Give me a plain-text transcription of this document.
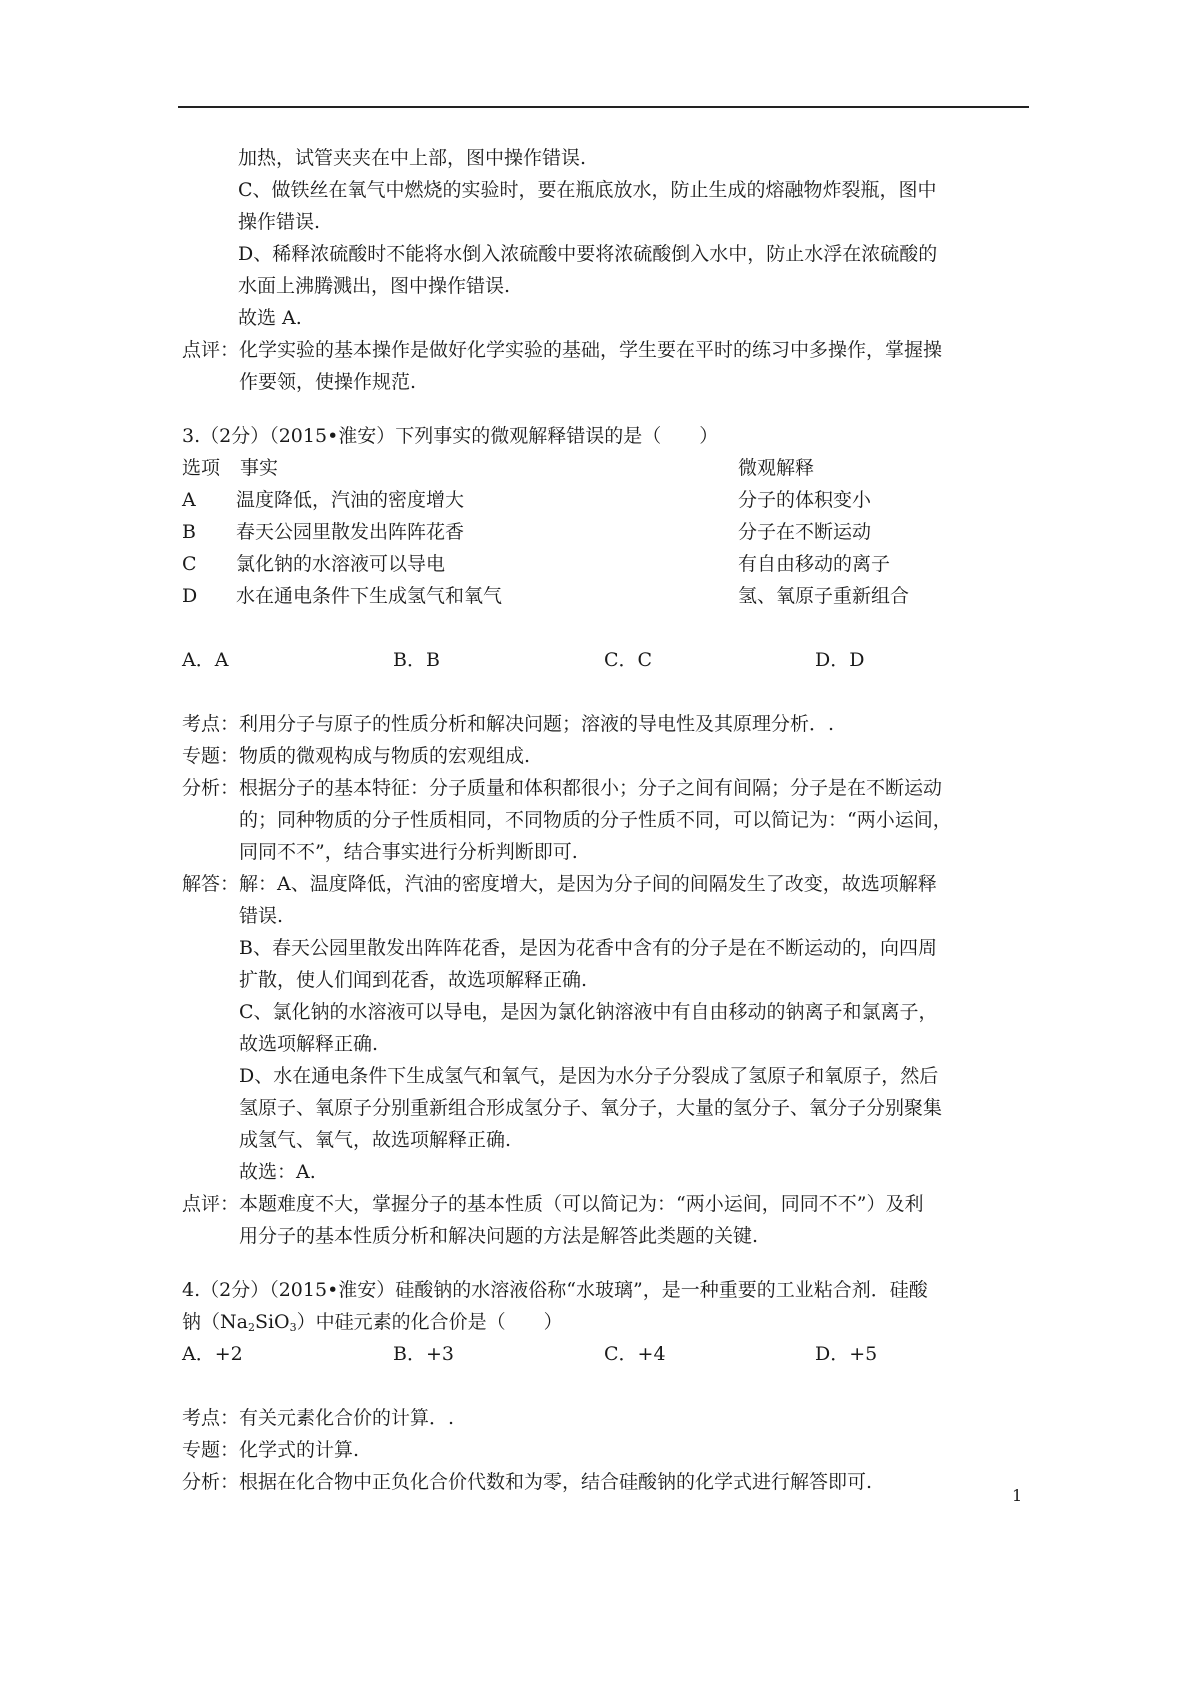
加热，试管夹夹在中上部，图中操作错误.
C、做铁丝在氧气中燃烧的实验时，要在瓶底放水，防止生成的熔融物炸裂瓶，图中
操作错误.
D、稀释浓硫酸时不能将水倒入浓硫酸中要将浓硫酸倒入水中，防止水浮在浓硫酸的
水面上沸腾溅出，图中操作错误.
故选 A.
点评： 化学实验的基本操作是做好化学实验的基础，学生要在平时的练习中多操作，掌握操
作要领，使操作规范.
3.（2分）（2015•淮安）下列事实的微观解释错误的是（　　）
选项 事实	微观解释
A 温度降低，汽油的密度增大	分子的体积变小
B 春天公园里散发出阵阵花香	分子在不断运动
C 氯化钠的水溶液可以导电	有自由移动的离子
D 水在通电条件下生成氢气和氧气	氢、氧原子重新组合
A．A	B．B	C．C	D．D
考点： 利用分子与原子的性质分析和解决问题；溶液的导电性及其原理分析．.
专题： 物质的微观构成与物质的宏观组成.
分析： 根据分子的基本特征：分子质量和体积都很小；分子之间有间隔；分子是在不断运动
的；同种物质的分子性质相同，不同物质的分子性质不同，可以简记为：“两小运间，
同同不不”，结合事实进行分析判断即可.
解答： 解：A、温度降低，汽油的密度增大，是因为分子间的间隔发生了改变，故选项解释
错误.
B、春天公园里散发出阵阵花香，是因为花香中含有的分子是在不断运动的，向四周
扩散，使人们闻到花香，故选项解释正确.
C、氯化钠的水溶液可以导电，是因为氯化钠溶液中有自由移动的钠离子和氯离子，
故选项解释正确.
D、水在通电条件下生成氢气和氧气，是因为水分子分裂成了氢原子和氧原子，然后
氢原子、氧原子分别重新组合形成氢分子、氧分子，大量的氢分子、氧分子分别聚集
成氢气、氧气，故选项解释正确.
故选：A.
点评： 本题难度不大，掌握分子的基本性质（可以简记为：“两小运间，同同不不”）及利
用分子的基本性质分析和解决问题的方法是解答此类题的关键.
4.（2分）（2015•淮安）硅酸钠的水溶液俗称“水玻璃”，是一种重要的工业粘合剂．硅酸
钠$(Na_2SiO_3)$中硅元素的化合价是（　　）
A．+2	B．+3	C．+4	D．+5
考点： 有关元素化合价的计算．.
专题： 化学式的计算.
分析： 根据在化合物中正负化合价代数和为零，结合硅酸钠的化学式进行解答即可.
1
